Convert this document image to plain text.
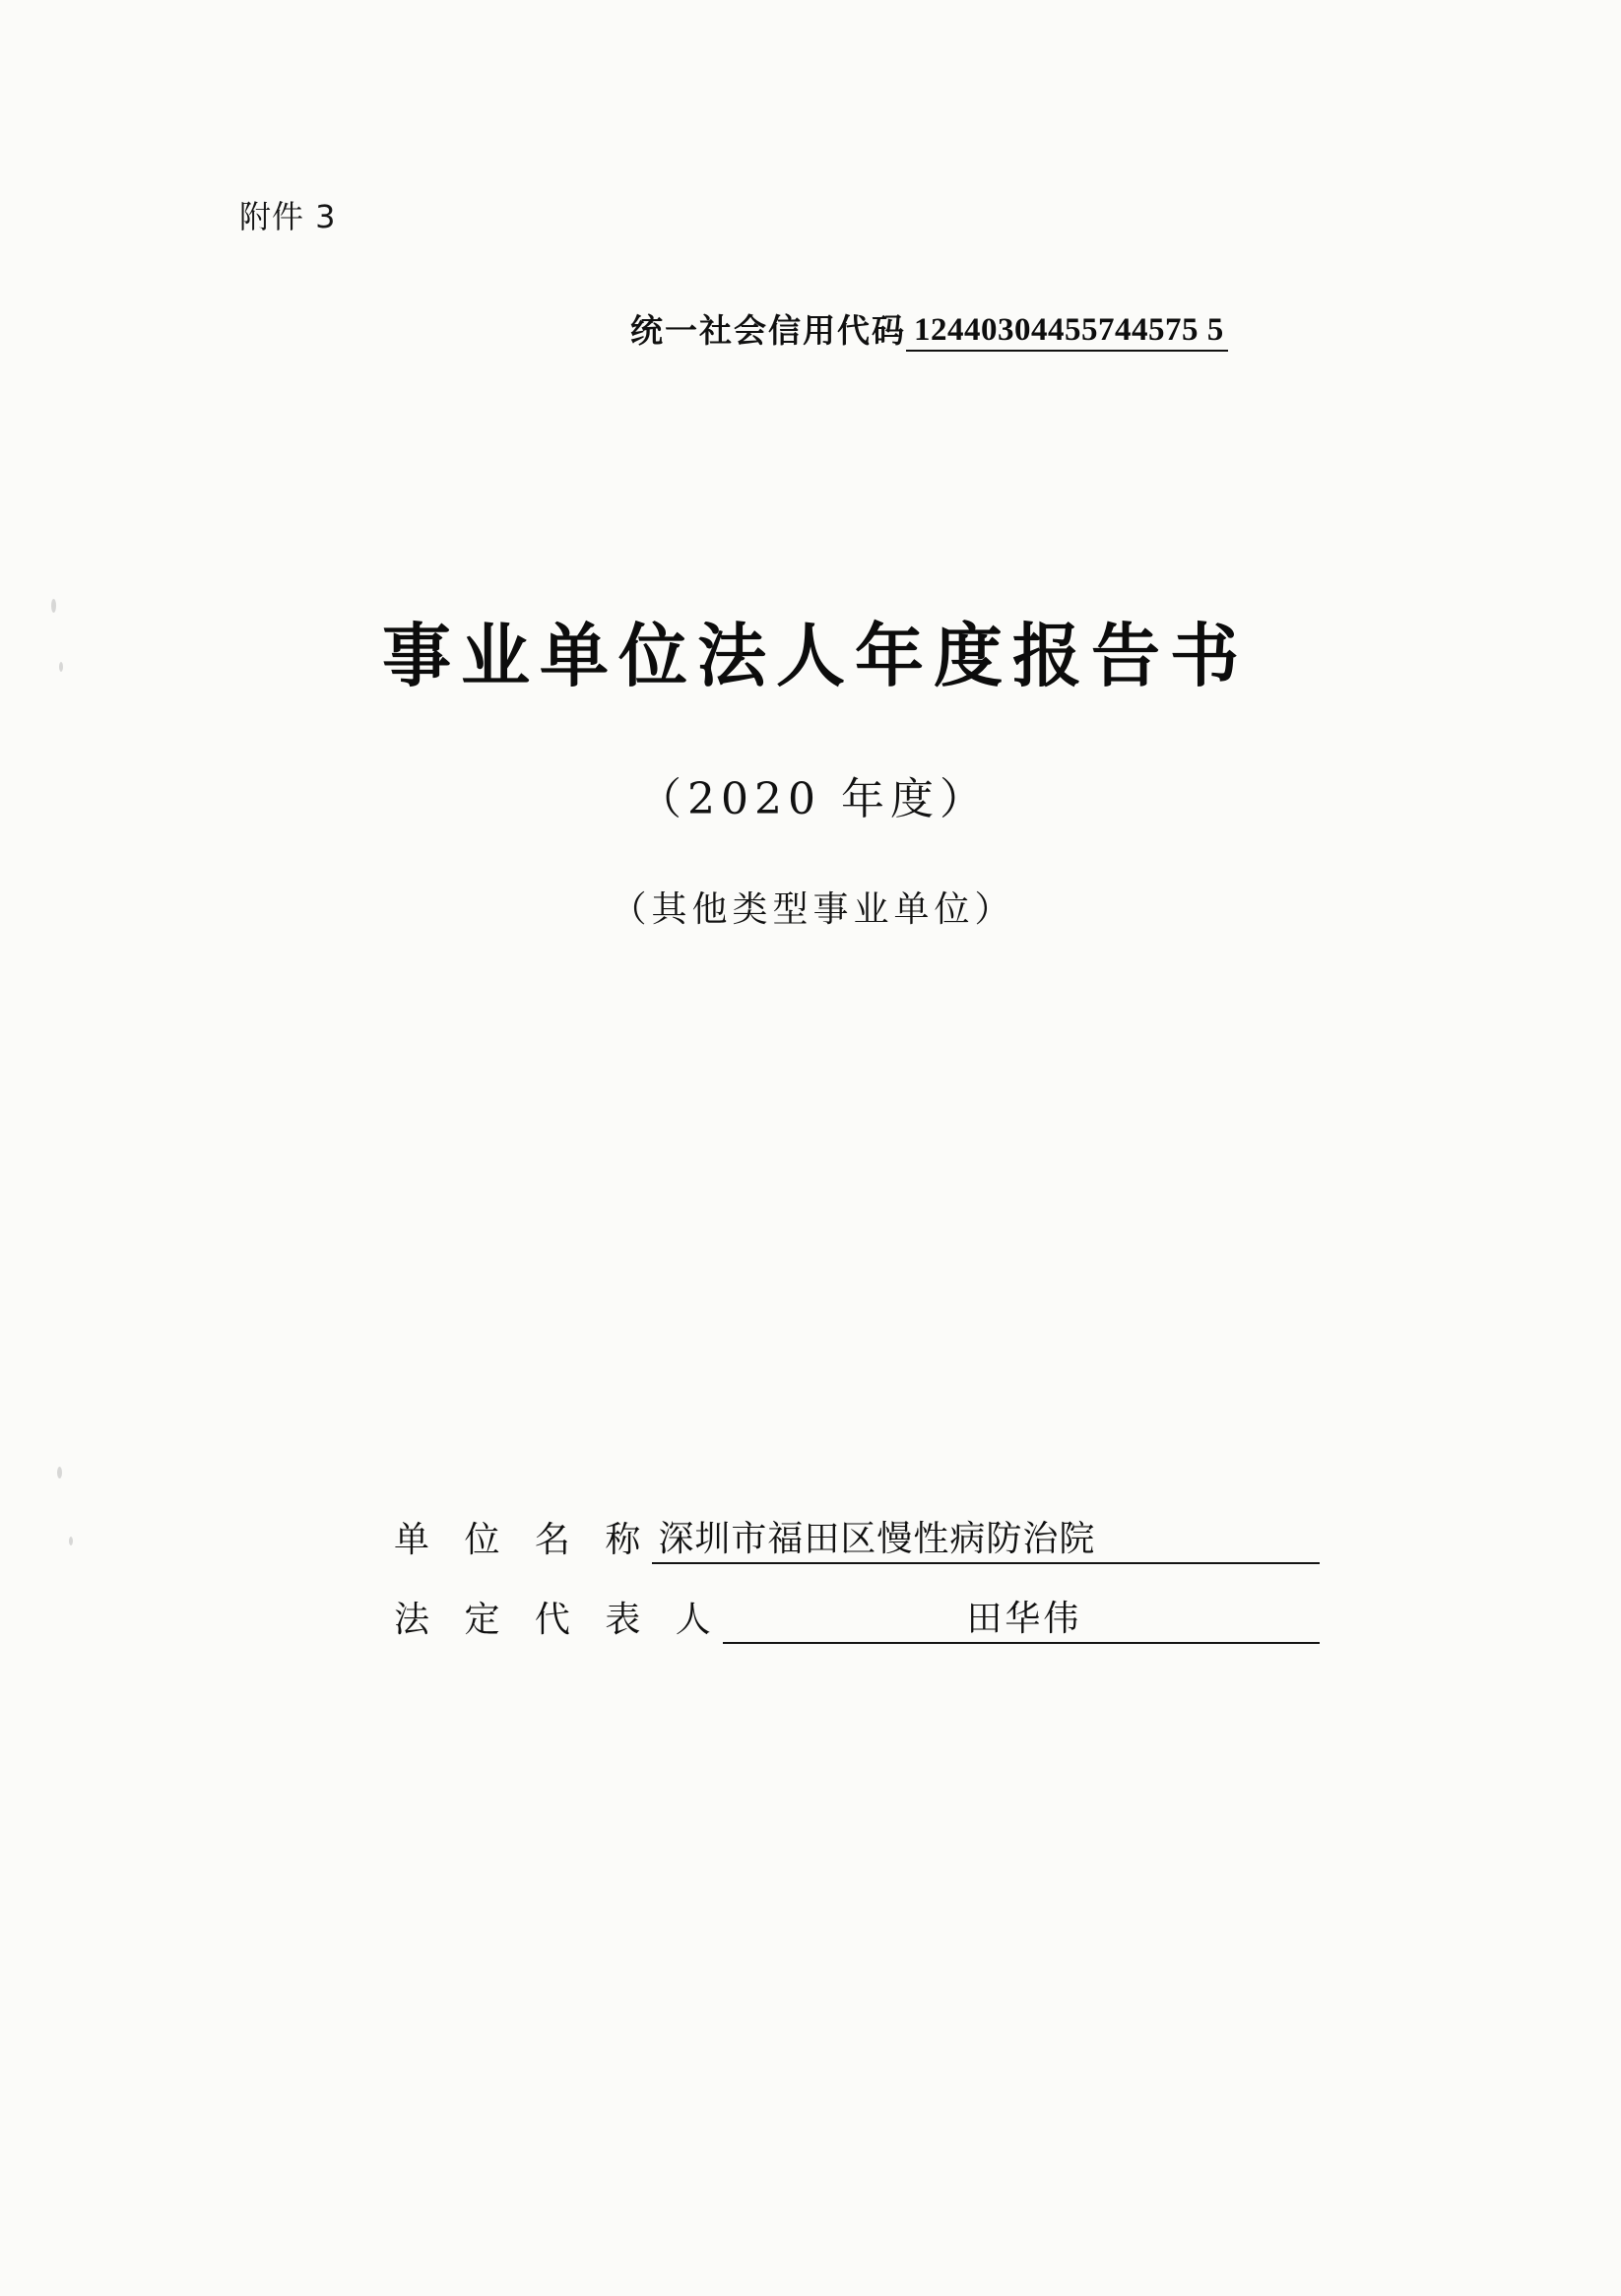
附件 3
统一社会信用代码 12440304455744575 5
事业单位法人年度报告书
（2020 年度）
（其他类型事业单位）
单 位 名 称 深圳市福田区慢性病防治院
法 定 代 表 人	田华伟
